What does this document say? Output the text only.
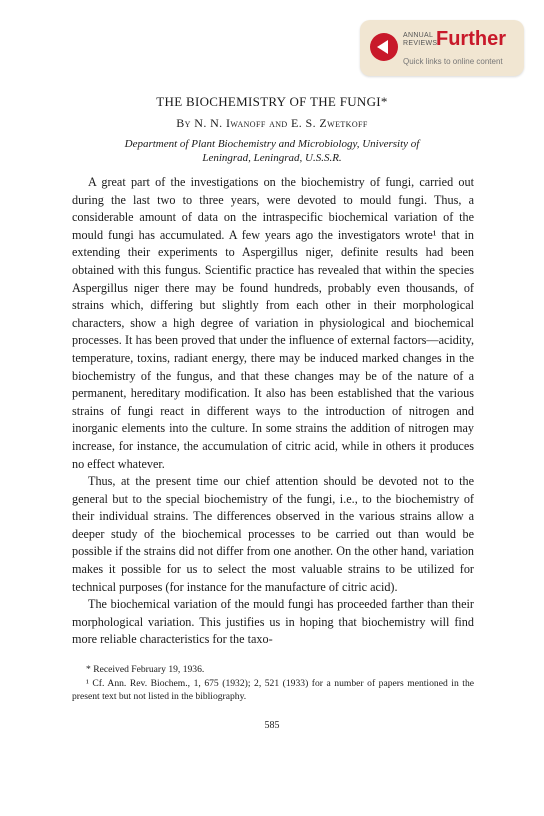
ANNUAL
REVIEWS
Further
Quick links to online content
THE BIOCHEMISTRY OF THE FUNGI*
By N. N. Iwanoff and E. S. Zwetkoff
Department of Plant Biochemistry and Microbiology, University of
Leningrad, Leningrad, U.S.S.R.

A great part of the investigations on the biochemistry of fungi, carried out during the last two to three years, were devoted to mould fungi. Thus, a considerable amount of data on the intraspecific biochemical variation of the mould fungi has accumulated. A few years ago the investigators wrote¹ that in extending their experiments to Aspergillus niger, definite results had been obtained with this fungus. Scientific practice has revealed that within the species Aspergillus niger there may be found hundreds, probably even thousands, of strains which, differing but slightly from each other in their morphological characters, show a high degree of variation in physiological and biochemical processes. It has been proved that under the influence of external factors—acidity, temperature, toxins, radiant energy, there may be induced marked changes in the biochemistry of the fungus, and that these changes may be of the nature of a permanent, hereditary modification. It also has been established that the various strains of fungi react in different ways to the introduction of nitrogen and inorganic elements into the culture. In some strains the addition of nitrogen may increase, for instance, the accumulation of citric acid, while in others it produces no effect whatever.

Thus, at the present time our chief attention should be devoted not to the general but to the special biochemistry of the fungi, i.e., to the biochemistry of their individual strains. The differences observed in the various strains allow a deeper study of the biochemical processes to be carried out than would be possible if the strains did not differ from one another. On the other hand, variation makes it possible for us to select the most valuable strains to be utilized for technical purposes (for instance for the manufacture of citric acid).

The biochemical variation of the mould fungi has proceeded farther than their morphological variation. This justifies us in hoping that biochemistry will find more reliable characteristics for the taxo-

* Received February 19, 1936.

¹ Cf. Ann. Rev. Biochem., 1, 675 (1932); 2, 521 (1933) for a number of papers mentioned in the present text but not listed in the bibliography.

585
